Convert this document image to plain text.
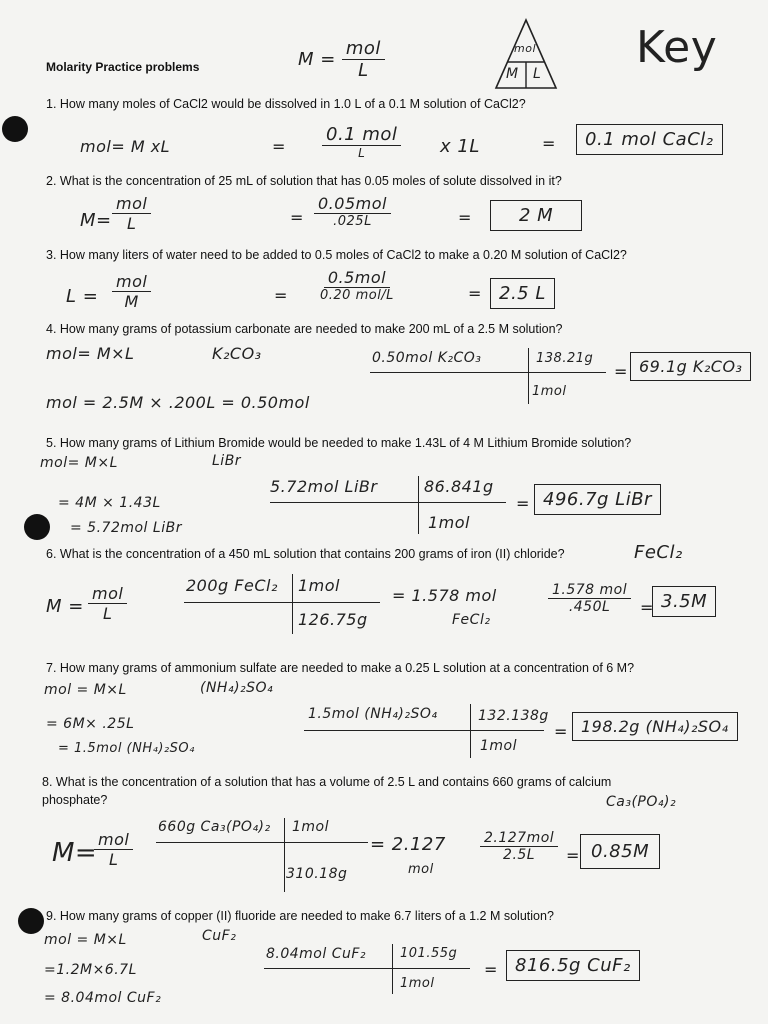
Molarity Practice problems	$M = \frac{\text{mol}}{L}$	mol
M L
Key
1. How many moles of CaCl2 would be dissolved in 1.0 L of a 0.1 M solution of CaCl2?
mol= M xL	= $\frac{\text{0.1 mol}}{L}$ x 1L	=	0.1 mol CaCl₂
2. What is the concentration of 25 mL of solution that has 0.05 moles of solute dissolved in it?
$M= \frac{\text{mol}}{L}$	= $\frac{\text{0.05mol}}{.025L}$	=	2 M
3. How many liters of water need to be added to 0.5 moles of CaCl2 to make a 0.20 M solution of CaCl2?
$L = \frac{\text{mol}}{M}$	= $\frac{\text{0.5mol}}{\text{0.20 mol/L}}$	= 2.5 L
4. How many grams of potassium carbonate are needed to make 200 mL of a 2.5 M solution?
mol= M×L	K₂CO₃	0.50mol K₂CO₃	138.21g
1mol
= 69.1g K₂CO₃
mol = 2.5M × .200L = 0.50mol
5. How many grams of Lithium Bromide would be needed to make 1.43L of 4 M Lithium Bromide solution?
mol= M×L	LiBr
5.72mol LiBr	86.841g
1mol
= 496.7g LiBr
= 4M × 1.43L
= 5.72mol LiBr
6. What is the concentration of a 450 mL solution that contains 200 grams of iron (II) chloride?	FeCl₂
$M = \frac{\text{mol}}{L}$	200g FeCl₂ 1mol
126.75g
= 1.578 mol
FeCl₂
$\frac{\text{1.578 mol}}{.450L} = 3.5M$
7. How many grams of ammonium sulfate are needed to make a 0.25 L solution at a concentration of 6 M?
mol = M×L	(NH₄)₂SO₄
= 6M× .25L
= 1.5mol (NH₄)₂SO₄
1.5mol (NH₄)₂SO₄	132.138g
1mol
= 198.2g (NH₄)₂SO₄
8. What is the concentration of a solution that has a volume of 2.5 L and contains 660 grams of calcium
phosphate?	Ca₃(PO₄)₂
M=
$\frac{\text{mol}}{L}$
660g Ca₃(PO₄)₂ 1mol
310.18g
= 2.127
mol
$\frac{\text{2.127mol}}{2.5L} = 0.85M$
9. How many grams of copper (II) fluoride are needed to make 6.7 liters of a 1.2 M solution?
mol = M×L	CuF₂
=1.2M×6.7L
= 8.04mol CuF₂
8.04mol CuF₂	101.55g
1mol
= 816.5g CuF₂
